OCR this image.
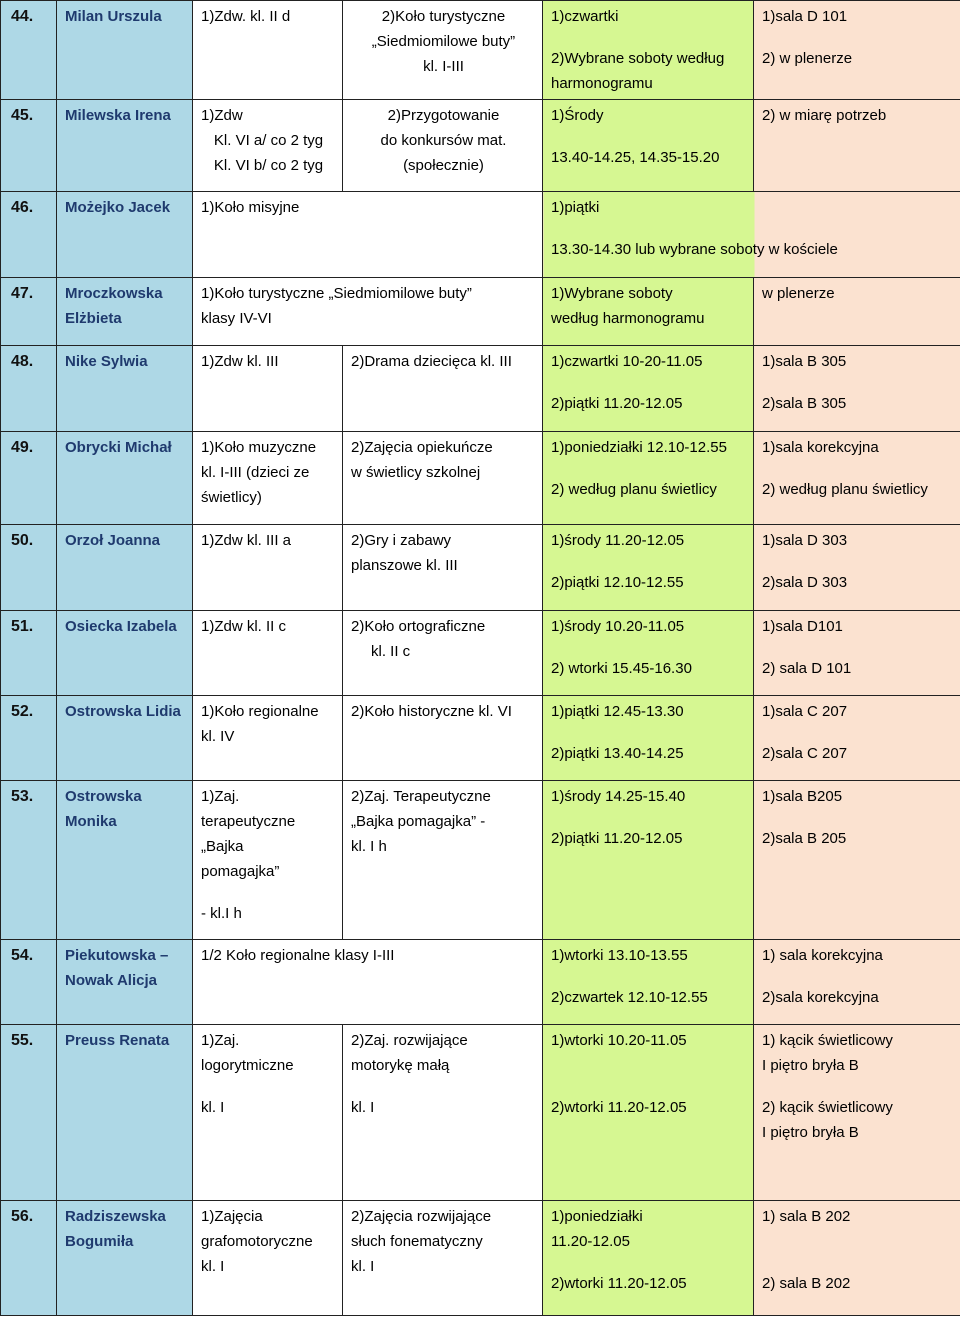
44.	Milan Urszula	1)Zdw. kl. II d	2)Koło turystyczne
„Siedmiomilowe buty”
kl. I-III	1)czwartki
2)Wybrane soboty według
harmonogramu	1)sala D 101
2) w plenerze

45.	Milewska Irena	1)Zdw
Kl. VI a/ co 2 tyg
Kl. VI b/ co 2 tyg	2)Przygotowanie
do konkursów mat.
(społecznie)	1)Środy
13.40-14.25, 14.35-15.20	2) w miarę potrzeb

46.	Możejko Jacek	1)Koło misyjne		1)piątki
13.30-14.30 lub wybrane soboty w kościele	

47.	Mroczkowska
Elżbieta	1)Koło turystyczne „Siedmiomilowe buty”
klasy IV-VI		1)Wybrane soboty
według harmonogramu	w plenerze

48.	Nike Sylwia	1)Zdw kl. III	2)Drama dziecięca kl. III	1)czwartki 10-20-11.05
2)piątki 11.20-12.05	1)sala B 305
2)sala B 305

49.	Obrycki Michał	1)Koło muzyczne
kl. I-III (dzieci ze
świetlicy)	2)Zajęcia opiekuńcze
w świetlicy szkolnej	1)poniedziałki 12.10-12.55
2) według planu świetlicy	1)sala korekcyjna
2) według planu świetlicy

50.	Orzoł Joanna	1)Zdw kl. III a	2)Gry i zabawy
planszowe kl. III	1)środy 11.20-12.05
2)piątki 12.10-12.55	1)sala D 303
2)sala D 303

51.	Osiecka Izabela	1)Zdw kl. II c	2)Koło ortograficzne
kl. II c	1)środy 10.20-11.05
2) wtorki 15.45-16.30	1)sala D101
2) sala D 101

52.	Ostrowska Lidia	1)Koło regionalne
kl. IV	2)Koło historyczne kl. VI	1)piątki 12.45-13.30
2)piątki 13.40-14.25	1)sala C 207
2)sala C 207

53.	Ostrowska
Monika	1)Zaj.
terapeutyczne
„Bajka
pomagajka”
- kl.I h	2)Zaj. Terapeutyczne
„Bajka pomagajka” -
kl. I h	1)środy 14.25-15.40
2)piątki 11.20-12.05	1)sala B205
2)sala B 205

54.	Piekutowska –
Nowak Alicja	1/2 Koło regionalne klasy I-III		1)wtorki 13.10-13.55
2)czwartek 12.10-12.55	1) sala korekcyjna
2)sala korekcyjna

55.	Preuss Renata	1)Zaj.
logorytmiczne
kl. I	2)Zaj. rozwijające
motorykę małą
kl. I	1)wtorki 10.20-11.05
2)wtorki 11.20-12.05	1) kącik świetlicowy
I piętro bryła B
2) kącik świetlicowy
I piętro bryła B

56.	Radziszewska
Bogumiła	1)Zajęcia
grafomotoryczne
kl. I	2)Zajęcia rozwijające
słuch fonematyczny
kl. I	1)poniedziałki
11.20-12.05
2)wtorki 11.20-12.05	1) sala B 202
2) sala B 202
